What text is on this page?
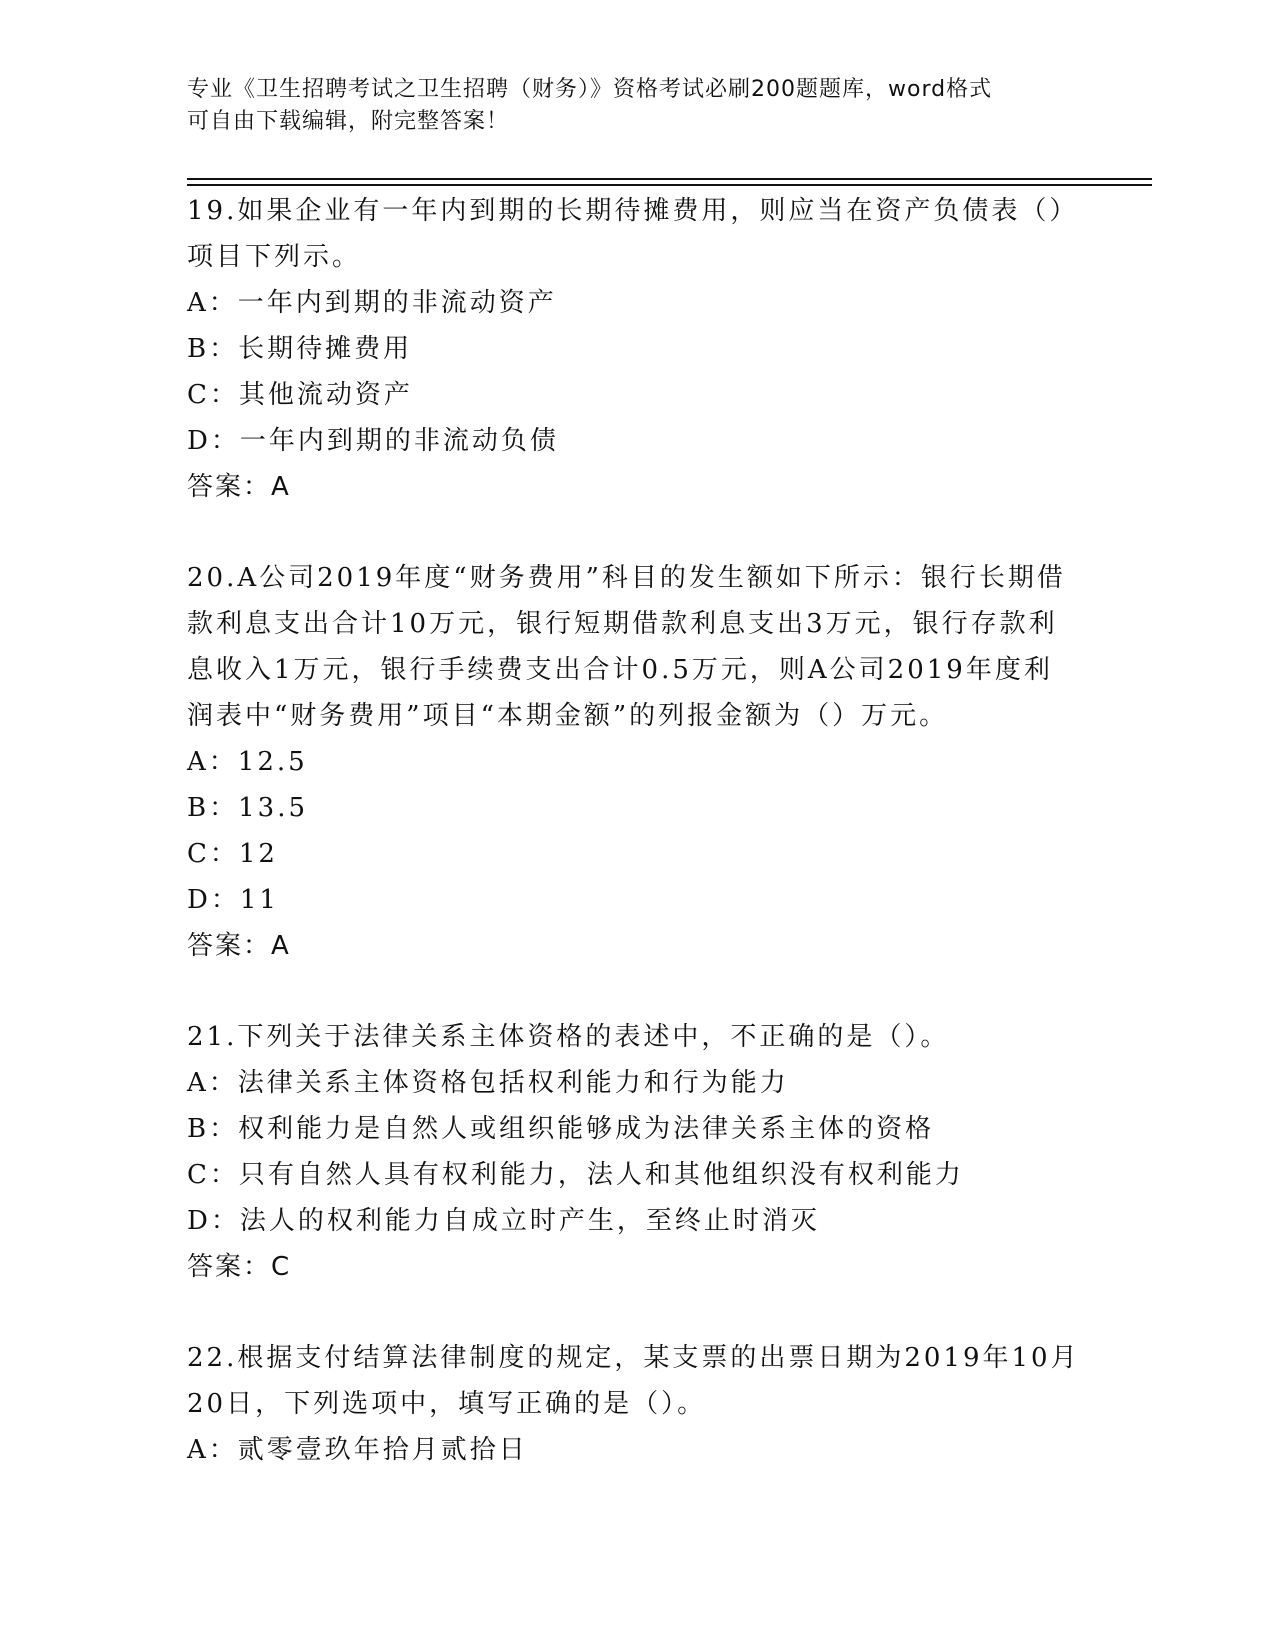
专业《卫生招聘考试之卫生招聘（财务）》资格考试必刷200题题库，word格式

可自由下载编辑，附完整答案！

19.如果企业有一年内到期的长期待摊费用，则应当在资产负债表（）

项目下列示。

A：一年内到期的非流动资产

B：长期待摊费用

C：其他流动资产

D：一年内到期的非流动负债

答案：A

20.A公司2019年度“财务费用”科目的发生额如下所示：银行长期借

款利息支出合计10万元，银行短期借款利息支出3万元，银行存款利

息收入1万元，银行手续费支出合计0.5万元，则A公司2019年度利

润表中“财务费用”项目“本期金额”的列报金额为（）万元。

A：12.5

B：13.5

C：12

D：11

答案：A

21.下列关于法律关系主体资格的表述中，不正确的是（）。

A：法律关系主体资格包括权利能力和行为能力

B：权利能力是自然人或组织能够成为法律关系主体的资格

C：只有自然人具有权利能力，法人和其他组织没有权利能力

D：法人的权利能力自成立时产生，至终止时消灭

答案：C

22.根据支付结算法律制度的规定，某支票的出票日期为2019年10月

20日，下列选项中，填写正确的是（）。

A：贰零壹玖年拾月贰拾日
